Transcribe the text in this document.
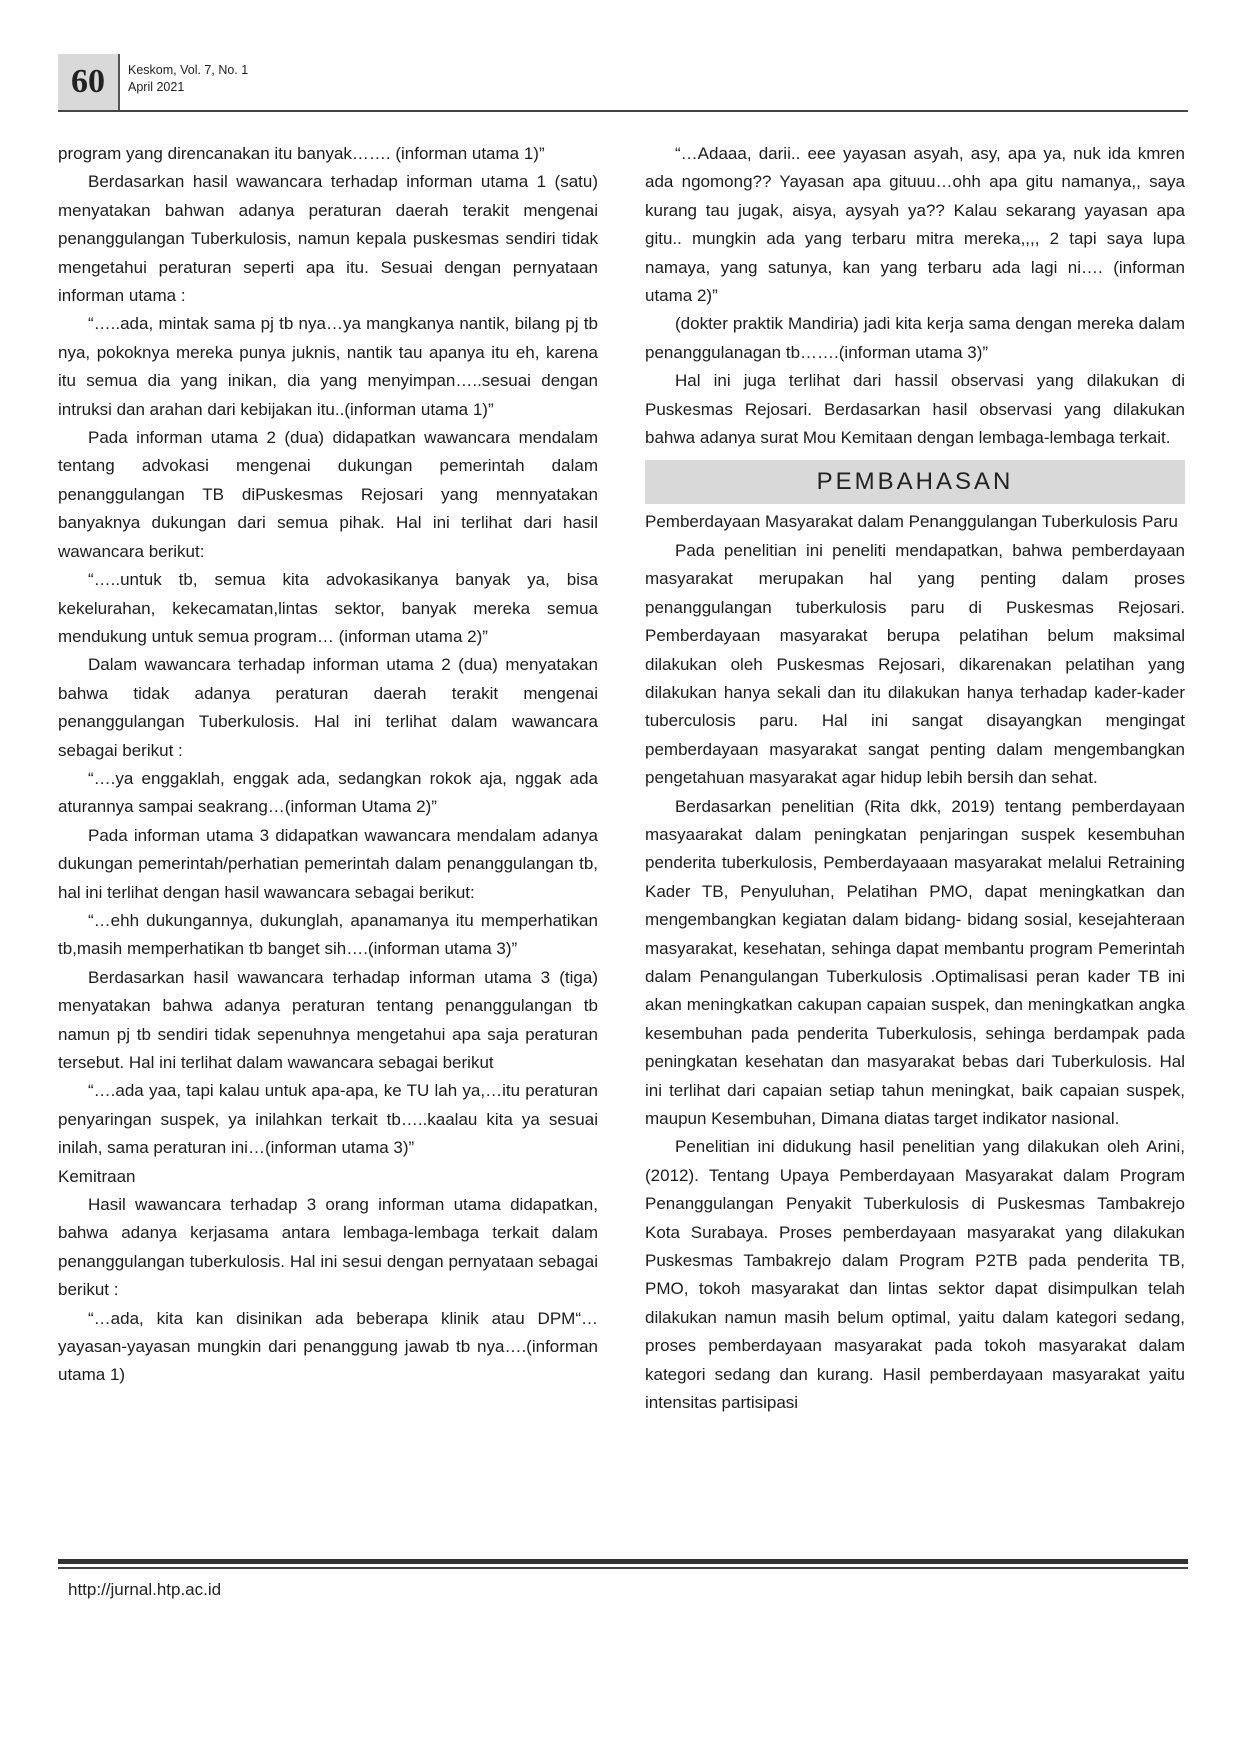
60	Keskom, Vol. 7, No. 1
April 2021

program yang direncanakan itu banyak……. (informan utama 1)”

Berdasarkan hasil wawancara terhadap informan utama 1 (satu) menyatakan bahwan adanya peraturan daerah terakit mengenai penanggulangan Tuberkulosis, namun kepala puskesmas sendiri tidak mengetahui peraturan seperti apa itu. Sesuai dengan pernyataan informan utama :

“…..ada, mintak sama pj tb nya…ya mangkanya nantik, bilang pj tb nya, pokoknya mereka punya juknis, nantik tau apanya itu eh, karena itu semua dia yang inikan, dia yang menyimpan…..sesuai dengan intruksi dan arahan dari kebijakan itu..(informan utama 1)”

Pada informan utama 2 (dua) didapatkan wawancara mendalam tentang advokasi mengenai dukungan pemerintah dalam penanggulangan TB diPuskesmas Rejosari yang mennyatakan banyaknya dukungan dari semua pihak. Hal ini terlihat dari hasil wawancara berikut:

“…..untuk tb, semua kita advokasikanya banyak ya, bisa kekelurahan, kekecamatan,lintas sektor, banyak mereka semua mendukung untuk semua program… (informan utama 2)”

Dalam wawancara terhadap informan utama 2 (dua) menyatakan bahwa tidak adanya peraturan daerah terakit mengenai penanggulangan Tuberkulosis. Hal ini terlihat dalam wawancara sebagai berikut :

“….ya enggaklah, enggak ada, sedangkan rokok aja, nggak ada aturannya sampai seakrang…(informan Utama 2)”

Pada informan utama 3 didapatkan wawancara mendalam adanya dukungan pemerintah/perhatian pemerintah dalam penanggulangan tb, hal ini terlihat dengan hasil wawancara sebagai berikut:

“…ehh dukungannya, dukunglah, apanamanya itu memperhatikan tb,masih memperhatikan tb banget sih….(informan utama 3)”

Berdasarkan hasil wawancara terhadap informan utama 3 (tiga) menyatakan bahwa adanya peraturan tentang penanggulangan tb namun pj tb sendiri tidak sepenuhnya mengetahui apa saja peraturan tersebut. Hal ini terlihat dalam wawancara sebagai berikut

“….ada yaa, tapi kalau untuk apa-apa, ke TU lah ya,…itu peraturan penyaringan suspek, ya inilahkan terkait tb…..kaalau kita ya sesuai inilah, sama peraturan ini…(informan utama 3)”

Kemitraan

Hasil wawancara terhadap 3 orang informan utama didapatkan, bahwa adanya kerjasama antara lembaga-lembaga terkait dalam penanggulangan tuberkulosis. Hal ini sesui dengan pernyataan sebagai berikut :

“…ada, kita kan disinikan ada beberapa klinik atau DPM“…yayasan-yayasan mungkin dari penanggung jawab tb nya….(informan utama 1)

“…Adaaa, darii.. eee yayasan asyah, asy, apa ya, nuk ida kmren ada ngomong?? Yayasan apa gituuu…ohh apa gitu namanya,, saya kurang tau jugak, aisya, aysyah ya?? Kalau sekarang yayasan apa gitu.. mungkin ada yang terbaru mitra mereka,,,, 2 tapi saya lupa namaya, yang satunya, kan yang terbaru ada lagi ni…. (informan utama 2)”

(dokter praktik Mandiria) jadi kita kerja sama dengan mereka dalam penanggulanagan tb…….(informan utama 3)”

Hal ini juga terlihat dari hassil observasi yang dilakukan di Puskesmas Rejosari. Berdasarkan hasil observasi yang dilakukan bahwa adanya surat Mou Kemitaan dengan lembaga-lembaga terkait.

PEMBAHASAN

Pemberdayaan Masyarakat dalam Penanggulangan Tuberkulosis Paru

Pada penelitian ini peneliti mendapatkan, bahwa pemberdayaan masyarakat merupakan hal yang penting dalam proses penanggulangan tuberkulosis paru di Puskesmas Rejosari. Pemberdayaan masyarakat berupa pelatihan belum maksimal dilakukan oleh Puskesmas Rejosari, dikarenakan pelatihan yang dilakukan hanya sekali dan itu dilakukan hanya terhadap kader-kader tuberculosis paru. Hal ini sangat disayangkan mengingat pemberdayaan masyarakat sangat penting dalam mengembangkan pengetahuan masyarakat agar hidup lebih bersih dan sehat.

Berdasarkan penelitian (Rita dkk, 2019) tentang pemberdayaan masyaarakat dalam peningkatan penjaringan suspek kesembuhan penderita tuberkulosis, Pemberdayaaan masyarakat melalui Retraining Kader TB, Penyuluhan, Pelatihan PMO, dapat meningkatkan dan mengembangkan kegiatan dalam bidang- bidang sosial, kesejahteraan masyarakat, kesehatan, sehinga dapat membantu program Pemerintah dalam Penangulangan Tuberkulosis .Optimalisasi peran kader TB ini akan meningkatkan cakupan capaian suspek, dan meningkatkan angka kesembuhan pada penderita Tuberkulosis, sehinga berdampak pada peningkatan kesehatan dan masyarakat bebas dari Tuberkulosis. Hal ini terlihat dari capaian setiap tahun meningkat, baik capaian suspek, maupun Kesembuhan, Dimana diatas target indikator nasional.

Penelitian ini didukung hasil penelitian yang dilakukan oleh Arini, (2012). Tentang Upaya Pemberdayaan Masyarakat dalam Program Penanggulangan Penyakit Tuberkulosis di Puskesmas Tambakrejo Kota Surabaya. Proses pemberdayaan masyarakat yang dilakukan Puskesmas Tambakrejo dalam Program P2TB pada penderita TB, PMO, tokoh masyarakat dan lintas sektor dapat disimpulkan telah dilakukan namun masih belum optimal, yaitu dalam kategori sedang, proses pemberdayaan masyarakat pada tokoh masyarakat dalam kategori sedang dan kurang. Hasil pemberdayaan masyarakat yaitu intensitas partisipasi

http://jurnal.htp.ac.id
